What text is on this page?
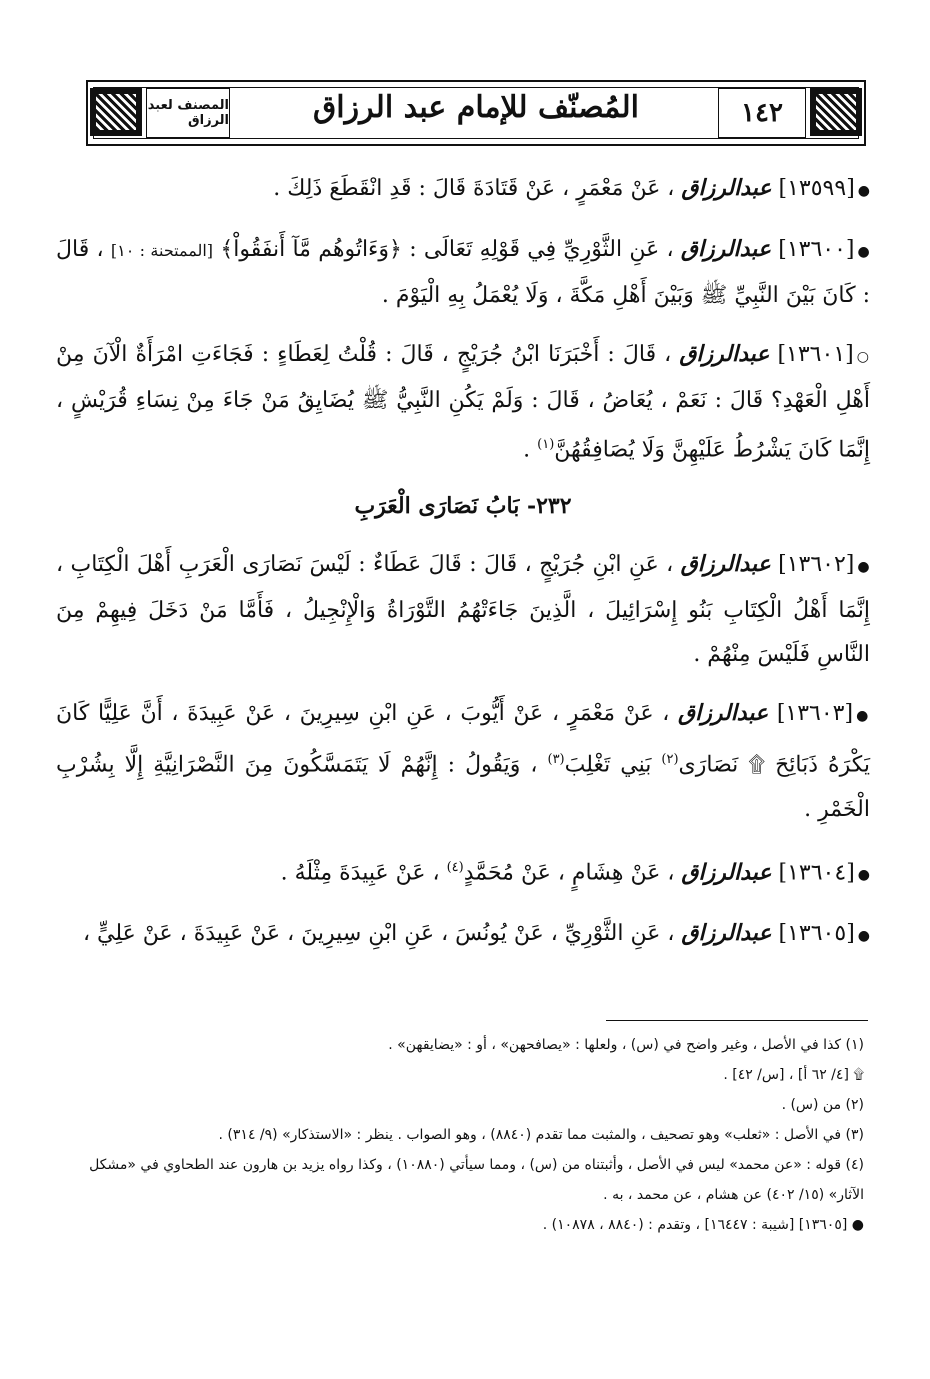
المصنف لعبد الرزاق	١٤٢
المُصنّف للإمام عبد الرزاق

●[١٣٥٩٩] عبدالرزاق ، عَنْ مَعْمَرٍ ، عَنْ قَتَادَةَ قَالَ : قَدِ انْقَطَعَ ذَلِكَ .

●[١٣٦٠٠] عبدالرزاق ، عَنِ الثَّوْرِيِّ فِي قَوْلِهِ تَعَالَى : ﴿وَءَاتُوهُم مَّآ أَنفَقُواْ﴾ [الممتحنة : ١٠] ، قَالَ : كَانَ بَيْنَ النَّبِيِّ ﷺ وَبَيْنَ أَهْلِ مَكَّةَ ، وَلَا يُعْمَلُ بِهِ الْيَوْمَ .

○[١٣٦٠١] عبدالرزاق ، قَالَ : أَخْبَرَنَا ابْنُ جُرَيْجٍ ، قَالَ : قُلْتُ لِعَطَاءٍ : فَجَاءَتِ امْرَأَةٌ الْآنَ مِنْ أَهْلِ الْعَهْدِ؟ قَالَ : نَعَمْ ، يُعَاضُ ، قَالَ : وَلَمْ يَكُنِ النَّبِيُّ ﷺ يُضَايِقُ مَنْ جَاءَ مِنْ نِسَاءِ قُرَيْشٍ ، إِنَّمَا كَانَ يَشْرُطُ عَلَيْهِنَّ وَلَا يُصَافِقُهُنَّ$^{(١)}$ .

٢٣٢- بَابُ نَصَارَى الْعَرَبِ

●[١٣٦٠٢] عبدالرزاق ، عَنِ ابْنِ جُرَيْجٍ ، قَالَ : قَالَ عَطَاءٌ : لَيْسَ نَصَارَى الْعَرَبِ أَهْلَ الْكِتَابِ ، إِنَّمَا أَهْلُ الْكِتَابِ بَنُو إِسْرَائِيلَ ، الَّذِينَ جَاءَتْهُمُ التَّوْرَاةُ وَالْإِنْجِيلُ ، فَأَمَّا مَنْ دَخَلَ فِيهِمْ مِنَ النَّاسِ فَلَيْسَ مِنْهُمْ .

●[١٣٦٠٣] عبدالرزاق ، عَنْ مَعْمَرٍ ، عَنْ أَيُّوبَ ، عَنِ ابْنِ سِيرِينَ ، عَنْ عَبِيدَةَ ، أَنَّ عَلِيًّا كَانَ يَكْرَهُ ذَبَائِحَ ۩ نَصَارَى$^{(٢)}$ بَنِي تَغْلِبَ$^{(٣)}$ ، وَيَقُولُ : إِنَّهُمْ لَا يَتَمَسَّكُونَ مِنَ النَّصْرَانِيَّةِ إِلَّا بِشُرْبِ الْخَمْرِ .

●[١٣٦٠٤] عبدالرزاق ، عَنْ هِشَامٍ ، عَنْ مُحَمَّدٍ$^{(٤)}$ ، عَنْ عَبِيدَةَ مِثْلَهُ .

●[١٣٦٠٥] عبدالرزاق ، عَنِ الثَّوْرِيِّ ، عَنْ يُونُسَ ، عَنِ ابْنِ سِيرِينَ ، عَنْ عَبِيدَةَ ، عَنْ عَلِيٍّ ،

(١) كذا في الأصل ، وغير واضح في (س) ، ولعلها : «يصافحهن» ، أو : «يضايقهن» .

۩ [٤/ ٦٢ أ] ، [س/ ٤٢] .

(٢) من (س) .

(٣) في الأصل : «ثعلب» وهو تصحيف ، والمثبت مما تقدم (٨٨٤٠) ، وهو الصواب . ينظر : «الاستذكار» (٩/ ٣١٤) .

(٤) قوله : «عن محمد» ليس في الأصل ، وأثبتناه من (س) ، ومما سيأتي (١٠٨٨٠) ، وكذا رواه يزيد بن هارون عند الطحاوي في «مشكل الآثار» (١٥/ ٤٠٢) عن هشام ، عن محمد ، به .

● [١٣٦٠٥] [شيبة : ١٦٤٤٧] ، وتقدم : (٨٨٤٠ ، ١٠٨٧٨) .
